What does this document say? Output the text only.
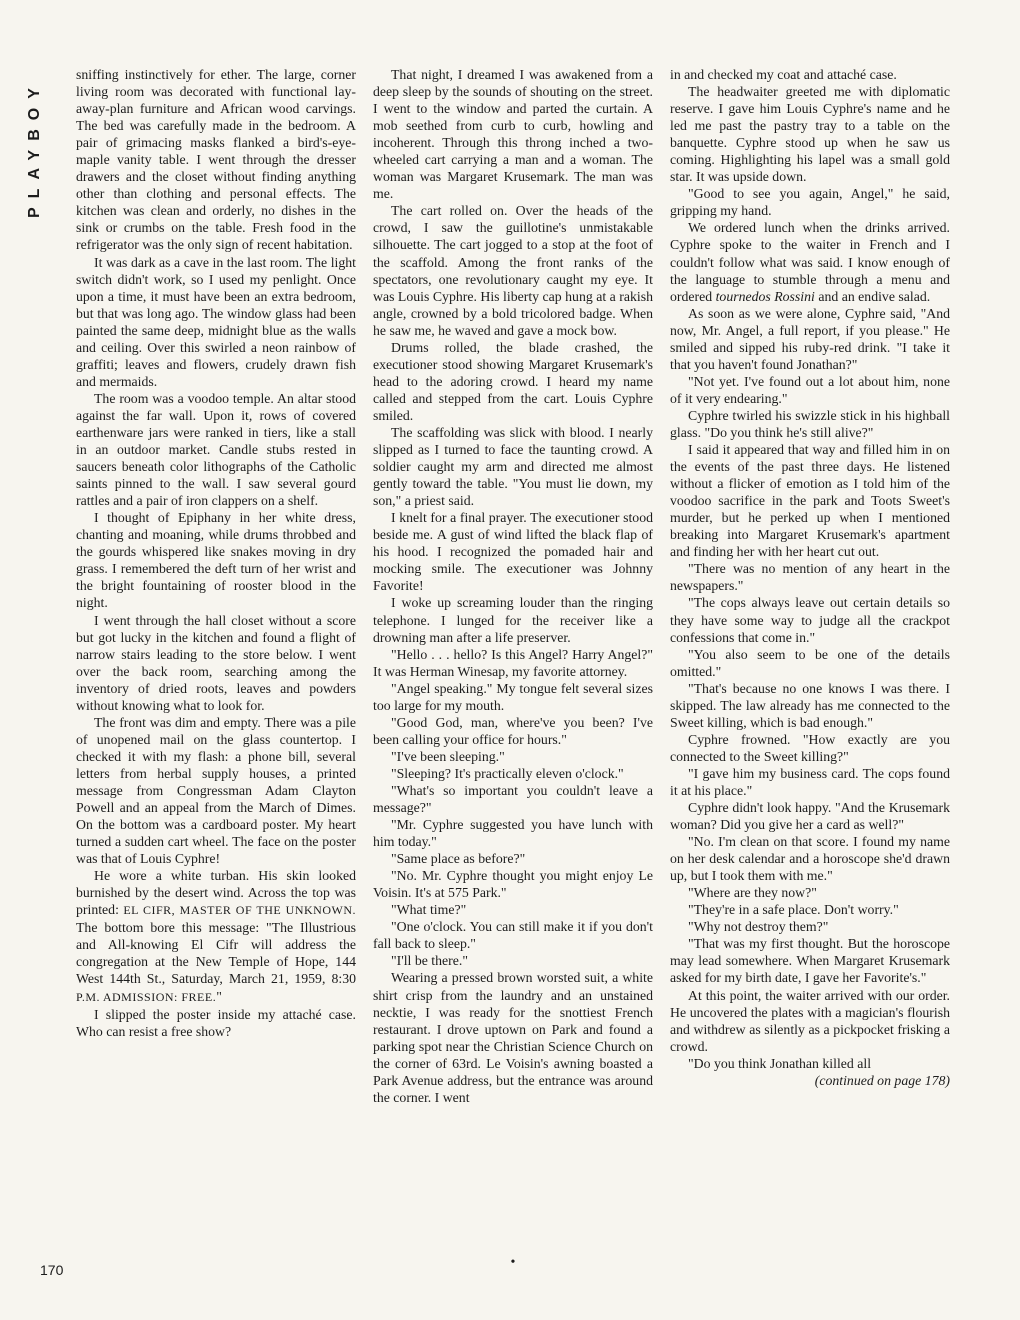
PLAYBOY

sniffing instinctively for ether. The large, corner living room was decorated with functional lay-away-plan furniture and African wood carvings. The bed was carefully made in the bedroom. A pair of grimacing masks flanked a bird's-eye-maple vanity table. I went through the dresser drawers and the closet without finding anything other than clothing and personal effects. The kitchen was clean and orderly, no dishes in the sink or crumbs on the table. Fresh food in the refrigerator was the only sign of recent habitation.

It was dark as a cave in the last room. The light switch didn't work, so I used my penlight. Once upon a time, it must have been an extra bedroom, but that was long ago. The window glass had been painted the same deep, midnight blue as the walls and ceiling. Over this swirled a neon rainbow of graffiti; leaves and flowers, crudely drawn fish and mermaids.

The room was a voodoo temple. An altar stood against the far wall. Upon it, rows of covered earthenware jars were ranked in tiers, like a stall in an outdoor market. Candle stubs rested in saucers beneath color lithographs of the Catholic saints pinned to the wall. I saw several gourd rattles and a pair of iron clappers on a shelf.

I thought of Epiphany in her white dress, chanting and moaning, while drums throbbed and the gourds whispered like snakes moving in dry grass. I remembered the deft turn of her wrist and the bright fountaining of rooster blood in the night.

I went through the hall closet without a score but got lucky in the kitchen and found a flight of narrow stairs leading to the store below. I went over the back room, searching among the inventory of dried roots, leaves and powders without knowing what to look for.

The front was dim and empty. There was a pile of unopened mail on the glass countertop. I checked it with my flash: a phone bill, several letters from herbal supply houses, a printed message from Congressman Adam Clayton Powell and an appeal from the March of Dimes. On the bottom was a cardboard poster. My heart turned a sudden cart wheel. The face on the poster was that of Louis Cyphre!

He wore a white turban. His skin looked burnished by the desert wind. Across the top was printed: EL CIFR, MASTER OF THE UNKNOWN. The bottom bore this message: "The Illustrious and All-knowing El Cifr will address the congregation at the New Temple of Hope, 144 West 144th St., Saturday, March 21, 1959, 8:30 P.M. ADMISSION: FREE."

I slipped the poster inside my attaché case. Who can resist a free show?

That night, I dreamed I was awakened from a deep sleep by the sounds of shouting on the street. I went to the window and parted the curtain. A mob seethed from curb to curb, howling and incoherent. Through this throng inched a two-wheeled cart carrying a man and a woman. The woman was Margaret Krusemark. The man was me.

The cart rolled on. Over the heads of the crowd, I saw the guillotine's unmistakable silhouette. The cart jogged to a stop at the foot of the scaffold. Among the front ranks of the spectators, one revolutionary caught my eye. It was Louis Cyphre. His liberty cap hung at a rakish angle, crowned by a bold tricolored badge. When he saw me, he waved and gave a mock bow.

Drums rolled, the blade crashed, the executioner stood showing Margaret Krusemark's head to the adoring crowd. I heard my name called and stepped from the cart. Louis Cyphre smiled.

The scaffolding was slick with blood. I nearly slipped as I turned to face the taunting crowd. A soldier caught my arm and directed me almost gently toward the table. "You must lie down, my son," a priest said.

I knelt for a final prayer. The executioner stood beside me. A gust of wind lifted the black flap of his hood. I recognized the pomaded hair and mocking smile. The executioner was Johnny Favorite!

I woke up screaming louder than the ringing telephone. I lunged for the receiver like a drowning man after a life preserver.

"Hello . . . hello? Is this Angel? Harry Angel?" It was Herman Winesap, my favorite attorney.

"Angel speaking." My tongue felt several sizes too large for my mouth.

"Good God, man, where've you been? I've been calling your office for hours."

"I've been sleeping."

"Sleeping? It's practically eleven o'clock."

"What's so important you couldn't leave a message?"

"Mr. Cyphre suggested you have lunch with him today."

"Same place as before?"

"No. Mr. Cyphre thought you might enjoy Le Voisin. It's at 575 Park."

"What time?"

"One o'clock. You can still make it if you don't fall back to sleep."

"I'll be there."

Wearing a pressed brown worsted suit, a white shirt crisp from the laundry and an unstained necktie, I was ready for the snottiest French restaurant. I drove uptown on Park and found a parking spot near the Christian Science Church on the corner of 63rd. Le Voisin's awning boasted a Park Avenue address, but the entrance was around the corner. I went

in and checked my coat and attaché case.

The headwaiter greeted me with diplomatic reserve. I gave him Louis Cyphre's name and he led me past the pastry tray to a table on the banquette. Cyphre stood up when he saw us coming. Highlighting his lapel was a small gold star. It was upside down.

"Good to see you again, Angel," he said, gripping my hand.

We ordered lunch when the drinks arrived. Cyphre spoke to the waiter in French and I couldn't follow what was said. I know enough of the language to stumble through a menu and ordered tournedos Rossini and an endive salad.

As soon as we were alone, Cyphre said, "And now, Mr. Angel, a full report, if you please." He smiled and sipped his ruby-red drink. "I take it that you haven't found Jonathan?"

"Not yet. I've found out a lot about him, none of it very endearing."

Cyphre twirled his swizzle stick in his highball glass. "Do you think he's still alive?"

I said it appeared that way and filled him in on the events of the past three days. He listened without a flicker of emotion as I told him of the voodoo sacrifice in the park and Toots Sweet's murder, but he perked up when I mentioned breaking into Margaret Krusemark's apartment and finding her with her heart cut out.

"There was no mention of any heart in the newspapers."

"The cops always leave out certain details so they have some way to judge all the crackpot confessions that come in."

"You also seem to be one of the details omitted."

"That's because no one knows I was there. I skipped. The law already has me connected to the Sweet killing, which is bad enough."

Cyphre frowned. "How exactly are you connected to the Sweet killing?"

"I gave him my business card. The cops found it at his place."

Cyphre didn't look happy. "And the Krusemark woman? Did you give her a card as well?"

"No. I'm clean on that score. I found my name on her desk calendar and a horoscope she'd drawn up, but I took them with me."

"Where are they now?"

"They're in a safe place. Don't worry."

"Why not destroy them?"

"That was my first thought. But the horoscope may lead somewhere. When Margaret Krusemark asked for my birth date, I gave her Favorite's."

At this point, the waiter arrived with our order. He uncovered the plates with a magician's flourish and withdrew as silently as a pickpocket frisking a crowd.

"Do you think Jonathan killed all

(continued on page 178)

•
170
